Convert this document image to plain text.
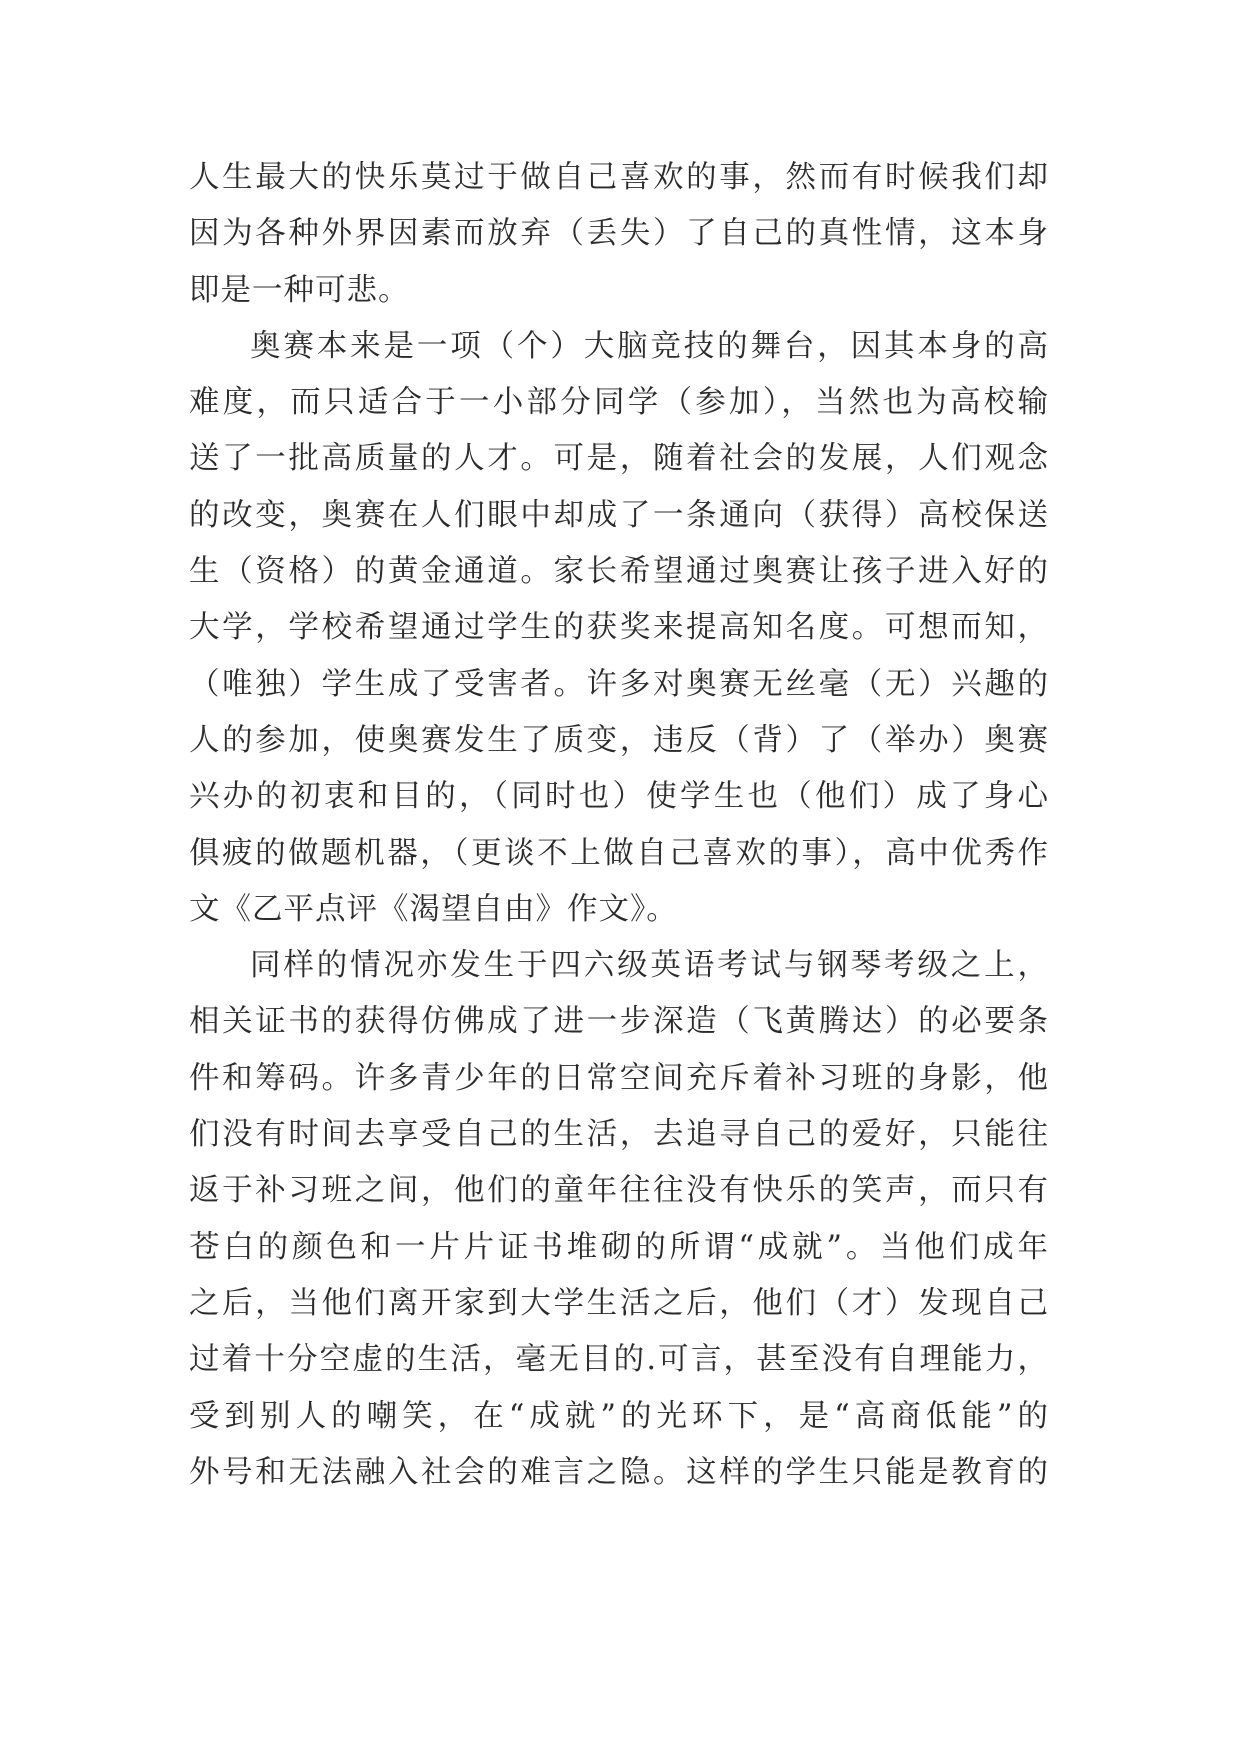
人生最大的快乐莫过于做自己喜欢的事，然而有时候我们却
因为各种外界因素而放弃（丢失）了自己的真性情，这本身
即是一种可悲。
奥赛本来是一项（个）大脑竞技的舞台，因其本身的高
难度，而只适合于一小部分同学（参加），当然也为高校输
送了一批高质量的人才。可是，随着社会的发展，人们观念
的改变，奥赛在人们眼中却成了一条通向（获得）高校保送
生（资格）的黄金通道。家长希望通过奥赛让孩子进入好的
大学，学校希望通过学生的获奖来提高知名度。可想而知，
（唯独）学生成了受害者。许多对奥赛无丝毫（无）兴趣的
人的参加，使奥赛发生了质变，违反（背）了（举办）奥赛
兴办的初衷和目的，（同时也）使学生也（他们）成了身心
俱疲的做题机器，（更谈不上做自己喜欢的事），高中优秀作
文《乙平点评《渴望自由》作文》。
同样的情况亦发生于四六级英语考试与钢琴考级之上，
相关证书的获得仿佛成了进一步深造（飞黄腾达）的必要条
件和筹码。许多青少年的日常空间充斥着补习班的身影，他
们没有时间去享受自己的生活，去追寻自己的爱好，只能往
返于补习班之间，他们的童年往往没有快乐的笑声，而只有
苍白的颜色和一片片证书堆砌的所谓“成就”。当他们成年
之后，当他们离开家到大学生活之后，他们（才）发现自己
过着十分空虚的生活，毫无目的.可言，甚至没有自理能力，
受到别人的嘲笑，在“成就”的光环下，是“高商低能”的
外号和无法融入社会的难言之隐。这样的学生只能是教育的
